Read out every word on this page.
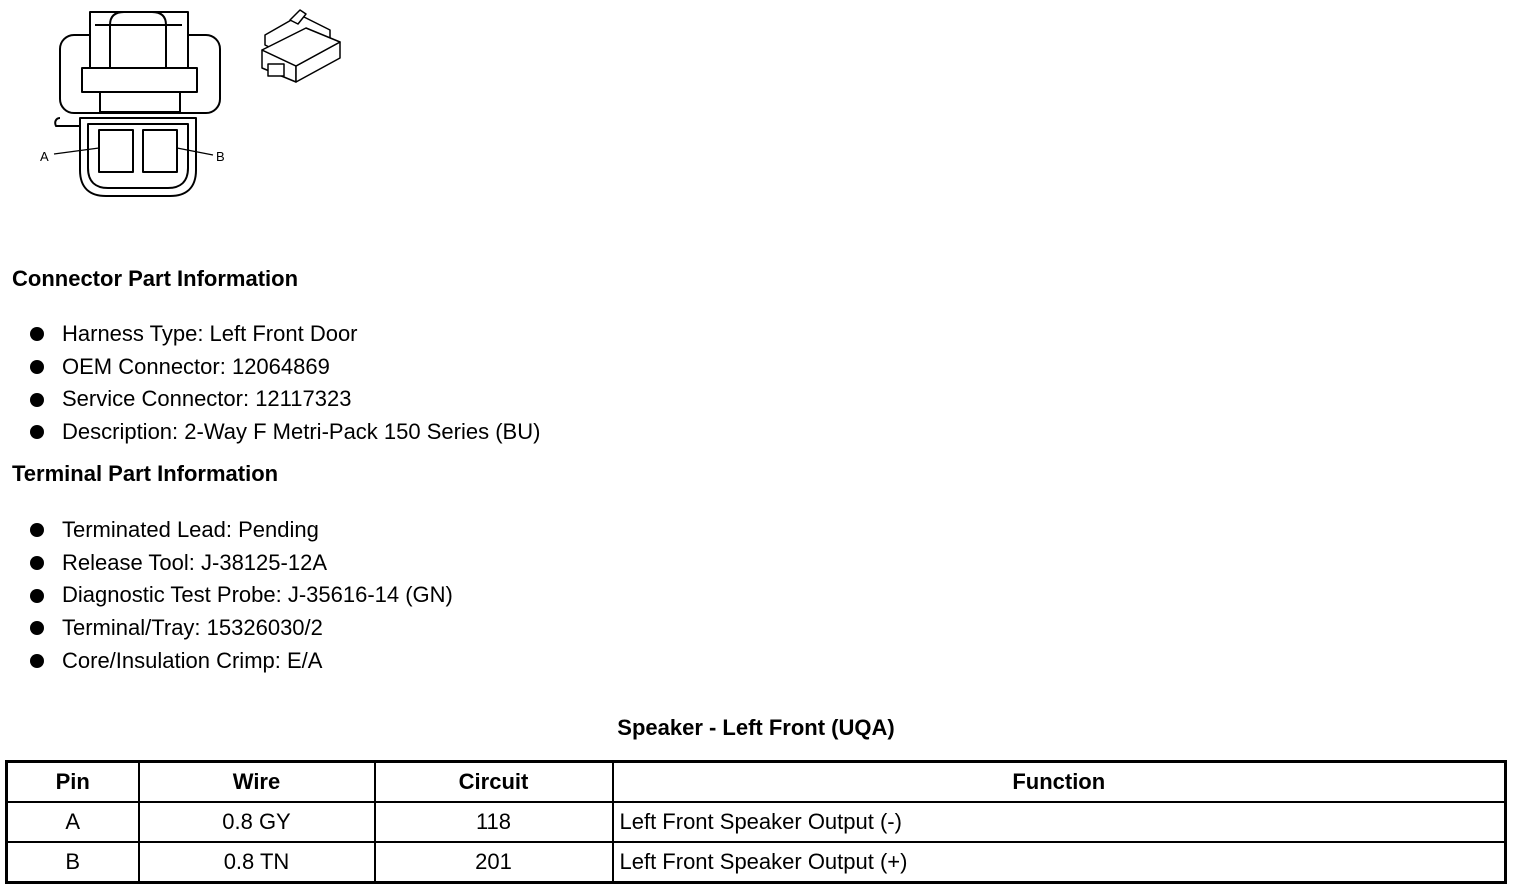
A	B
Connector Part Information
Harness Type: Left Front Door
OEM Connector: 12064869
Service Connector: 12117323
Description: 2-Way F Metri-Pack 150 Series (BU)
Terminal Part Information
Terminated Lead: Pending
Release Tool: J-38125-12A
Diagnostic Test Probe: J-35616-14 (GN)
Terminal/Tray: 15326030/2
Core/Insulation Crimp: E/A
Speaker - Left Front (UQA)
Pin	Wire	Circuit	Function
A	0.8 GY	118	Left Front Speaker Output (-)
B	0.8 TN	201	Left Front Speaker Output (+)
